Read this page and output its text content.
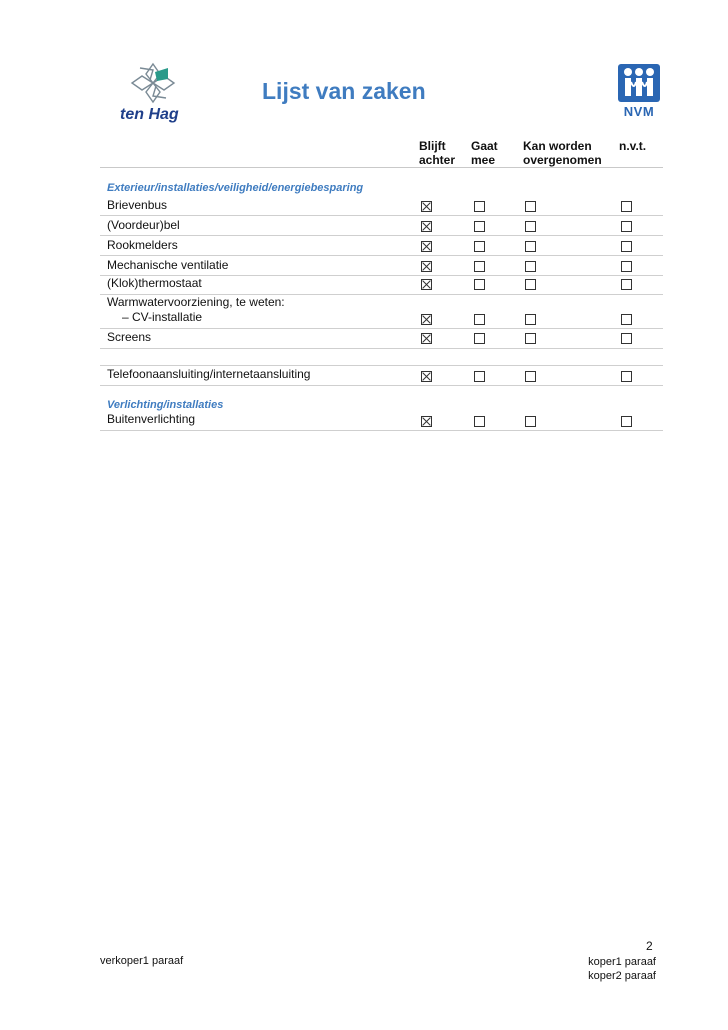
ten Hag
Lijst van zaken
NVM
Blijft
achter
Gaat
mee
Kan worden
overgenomen
n.v.t.
Exterieur/installaties/veiligheid/energiebesparing
Brievenbus
(Voordeur)bel
Rookmelders
Mechanische ventilatie
(Klok)thermostaat
Warmwatervoorziening, te weten:
– CV-installatie
Screens
Telefoonaansluiting/internetaansluiting
Verlichting/installaties
Buitenverlichting
2
verkoper1 paraaf	koper1 paraaf
koper2 paraaf
